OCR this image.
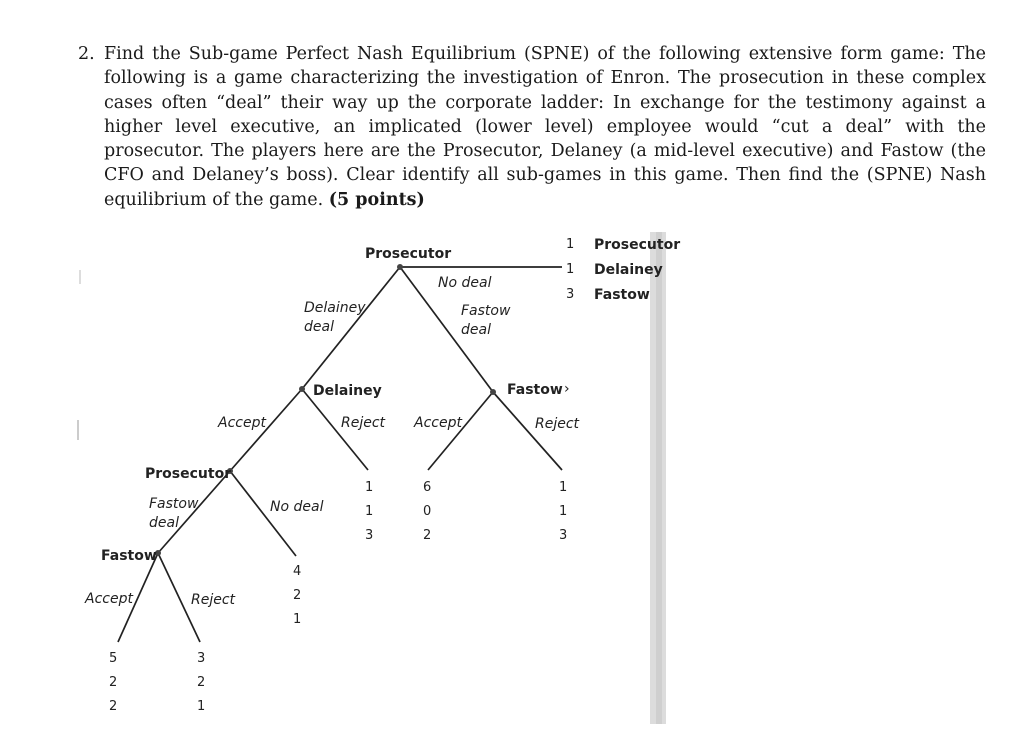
2. Find the Sub-game Perfect Nash Equilibrium (SPNE) of the following extensive form game: The following is a game characterizing the investigation of Enron. The prosecution in these complex cases often “deal” their way up the corporate ladder: In exchange for the testimony against a higher level executive, an implicated (lower level) employee would “cut a deal” with the prosecutor. The players here are the Prosecutor, Delaney (a mid-level executive) and Fastow (the CFO and Delaney’s boss). Clear identify all sub-games in this game. Then find the (SPNE) Nash equilibrium of the game. (5 points)
Prosecutor
Delainey
Fastow
1
1
3
Prosecutor
No deal
Delainey
deal
Fastow
deal
Delainey
Accept	Reject
1
1
3
Fastow ›
Accept	Reject
6
0
2
1
1
3
Prosecutor
Fastow
deal
No deal
4
2
1
Fastow
Accept	Reject
5
2
2
3
2
1
